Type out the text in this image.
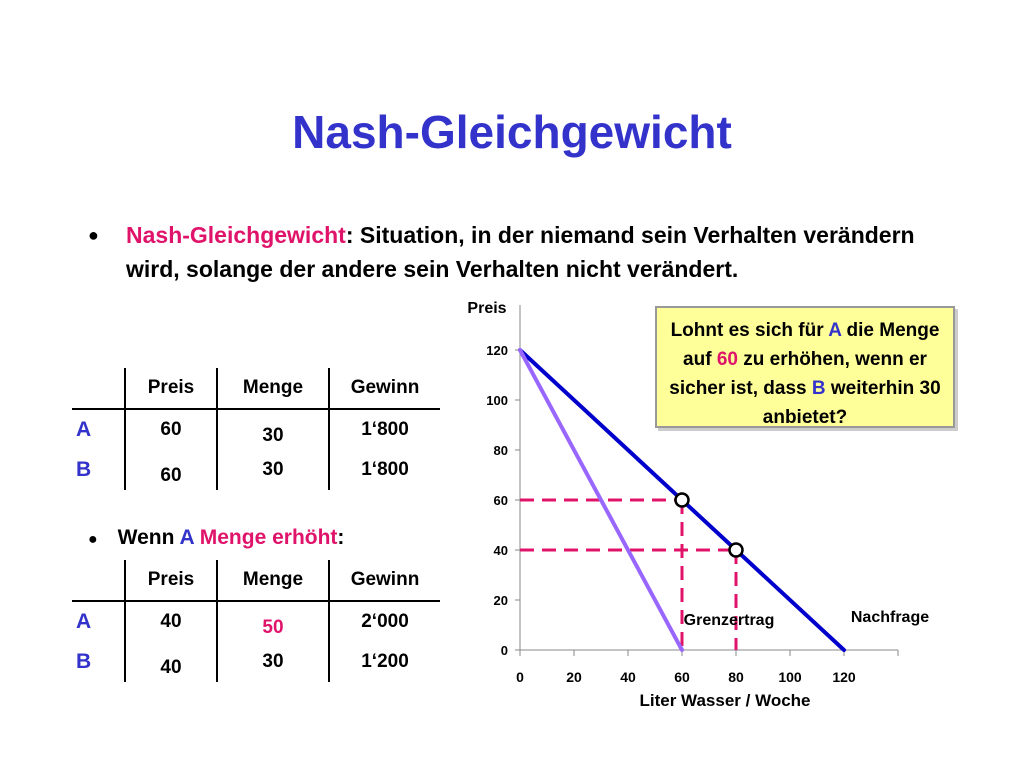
Nash-Gleichgewicht
● Nash-Gleichgewicht: Situation, in der niemand sein Verhalten verändern wird, solange der andere sein Verhalten nicht verändert.
	Preis	Menge	Gewinn
A	60	30	1‘800
B	60	30	1‘800
● Wenn A Menge erhöht:
	Preis	Menge	Gewinn
A	40	50	2‘000
B	40	30	1‘200
0
20
40
60
80
100
120
0	20	40	60	80 100 120
Preis
Liter Wasser / Woche
Nachfrage
Grenzertrag
Lohnt es sich für A die Menge auf 60 zu erhöhen, wenn er sicher ist, dass B weiterhin 30 anbietet?
